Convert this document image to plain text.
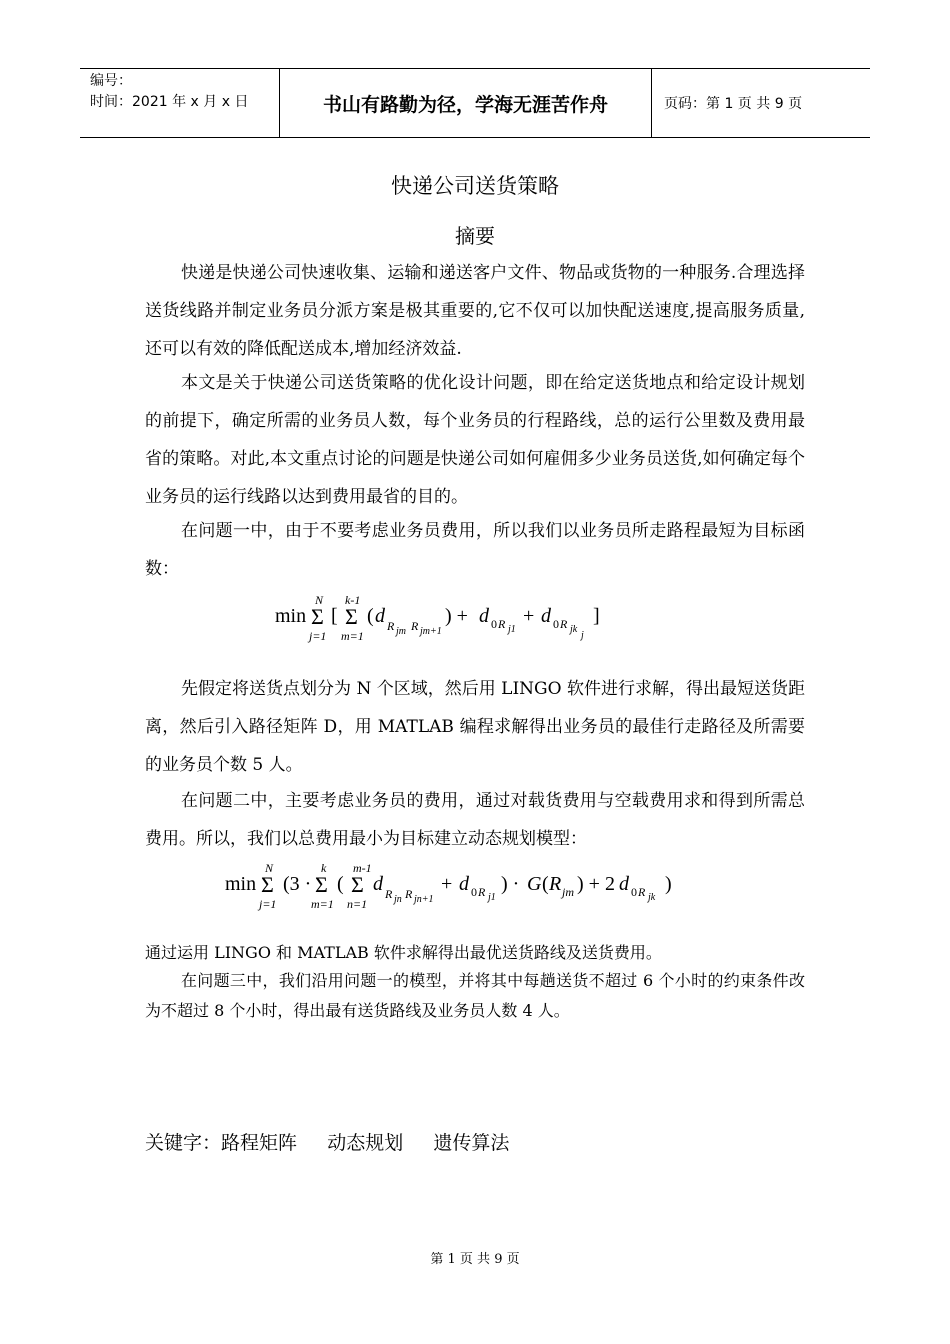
编号：
时间：2021 年 x 月 x 日	书山有路勤为径，学海无涯苦作舟	页码：第 1 页 共 9 页
快递公司送货策略
摘要

快递是快递公司快速收集、运输和递送客户文件、物品或货物的一种服务.合理选择送货线路并制定业务员分派方案是极其重要的,它不仅可以加快配送速度,提高服务质量,还可以有效的降低配送成本,增加经济效益.

本文是关于快递公司送货策略的优化设计问题，即在给定送货地点和给定设计规划的前提下，确定所需的业务员人数，每个业务员的行程路线，总的运行公里数及费用最省的策略。对此,本文重点讨论的问题是快递公司如何雇佣多少业务员送货,如何确定每个业务员的运行线路以达到费用最省的目的。

在问题一中，由于不要考虑业务员费用，所以我们以业务员所走路程最短为目标函数：

min
N
Σ
j=1
[
k-1
Σ
m=1
( d R jm R jm+1
) + d 0 R j1
+ d 0 R jk
j
]

先假定将送货点划分为 N 个区域，然后用 LINGO 软件进行求解，得出最短送货距离，然后引入路径矩阵 D，用 MATLAB 编程求解得出业务员的最佳行走路径及所需要的业务员个数 5 人。

在问题二中，主要考虑业务员的费用，通过对载货费用与空载费用求和得到所需总费用。所以，我们以总费用最小为目标建立动态规划模型：

min
N
Σ
j=1
(3 ·
k
Σ
m=1
(
m-1
Σ
n=1
d R jn R jn+1
+ d 0 R j1
) · G ( R jm ) + 2 d 0 R jk
)

通过运用 LINGO 和 MATLAB 软件求解得出最优送货路线及送货费用。

在问题三中，我们沿用问题一的模型，并将其中每趟送货不超过 6 个小时的约束条件改为不超过 8 个小时，得出最有送货路线及业务员人数 4 人。

关键字：路程矩阵     动态规划     遗传算法
第 1 页 共 9 页
